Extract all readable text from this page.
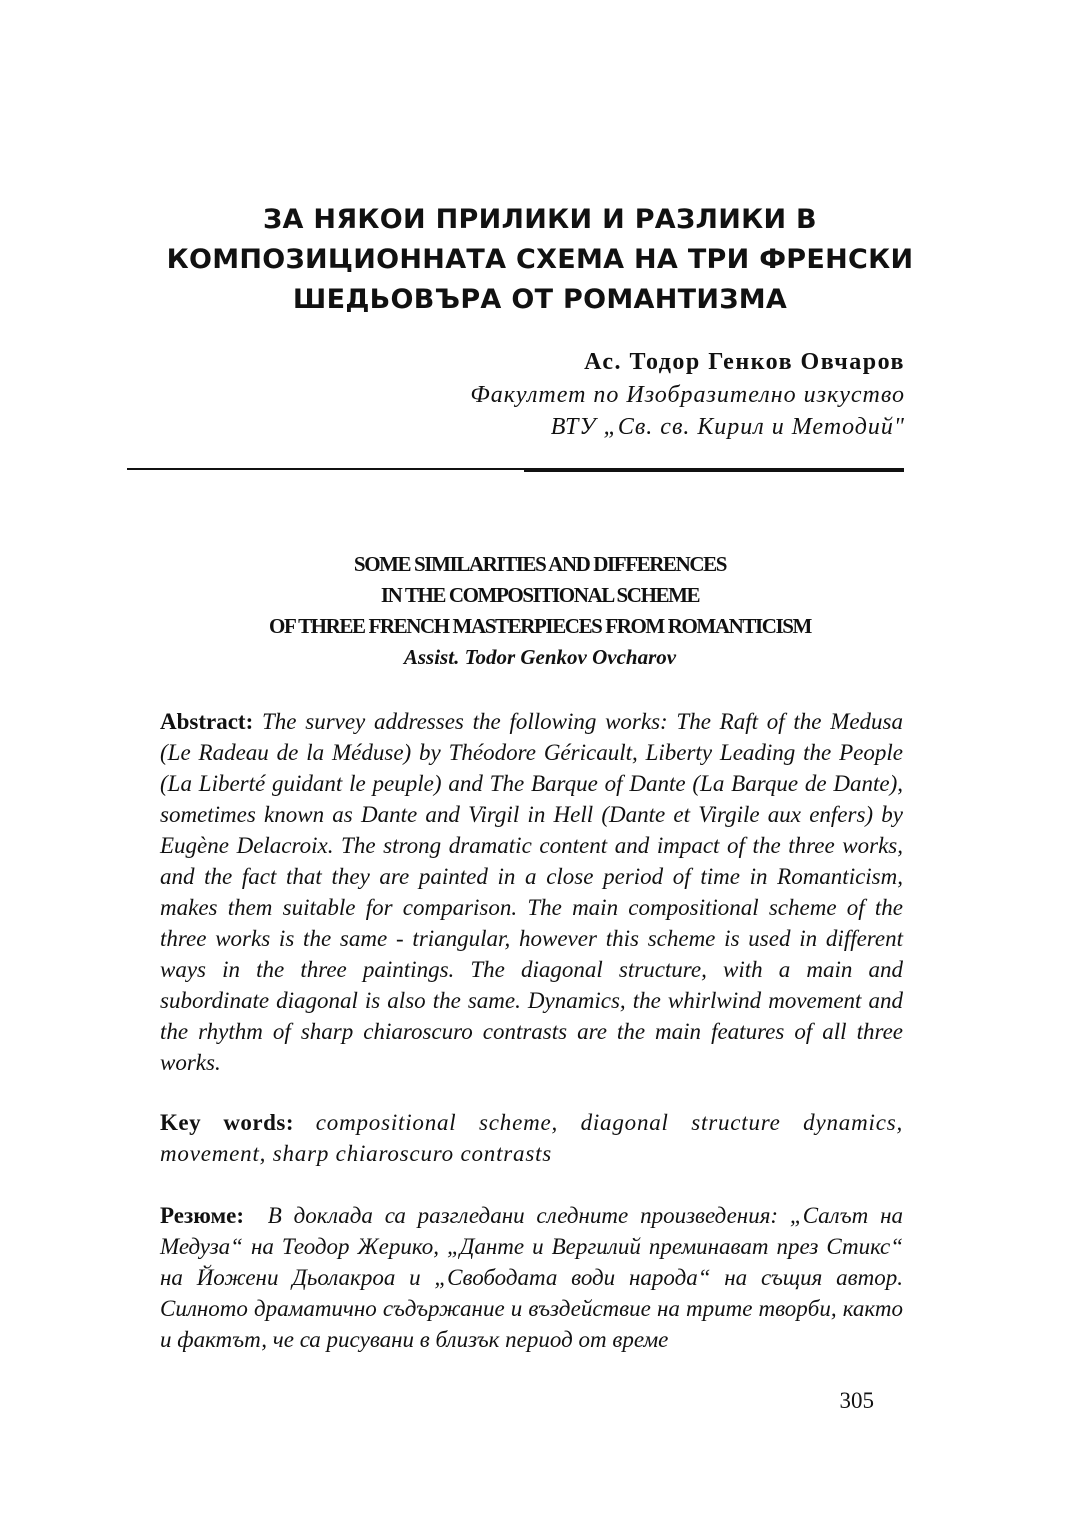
ЗА НЯКОИ ПРИЛИКИ И РАЗЛИКИ В
КОМПОЗИЦИОННАТА СХЕМА НА ТРИ ФРЕНСКИ
ШЕДЬОВЪРА ОТ РОМАНТИЗМА
Ас. Тодор Генков Овчаров
Факултет по Изобразително изкуство
ВТУ „Св. св. Кирил и Методий"
SOME SIMILARITIES AND DIFFERENCES
IN THE COMPOSITIONAL SCHEME
OF THREE FRENCH MASTERPIECES FROM ROMANTICISM
Assist. Todor Genkov Ovcharov

Abstract: The survey addresses the following works: The Raft of the Medusa (Le Radeau de la Méduse) by Théodore Géricault, Liberty Leading the People (La Liberté guidant le peuple) and The Barque of Dante (La Barque de Dante), sometimes known as Dante and Virgil in Hell (Dante et Virgile aux enfers) by Eugène Delacroix. The strong dramatic content and impact of the three works, and the fact that they are painted in a close period of time in Romanticism, makes them suitable for comparison. The main compositional scheme of the three works is the same - triangular, however this scheme is used in different ways in the three paintings. The diagonal structure, with a main and subordinate diagonal is also the same. Dynamics, the whirlwind movement and the rhythm of sharp chiaroscuro contrasts are the main features of all three works.

Key words: compositional scheme, diagonal structure dynamics, movement, sharp chiaroscuro contrasts

Резюме: В доклада са разгледани следните произведения: „Салът на Медуза“ на Теодор Жерико, „Данте и Вергилий преминават през Стикс“ на Йожени Дьолакроа и „Свободата води народа“ на същия автор. Силното драматично съдържание и въздействие на трите творби, както и фактът, че са рисувани в близък период от време

305
